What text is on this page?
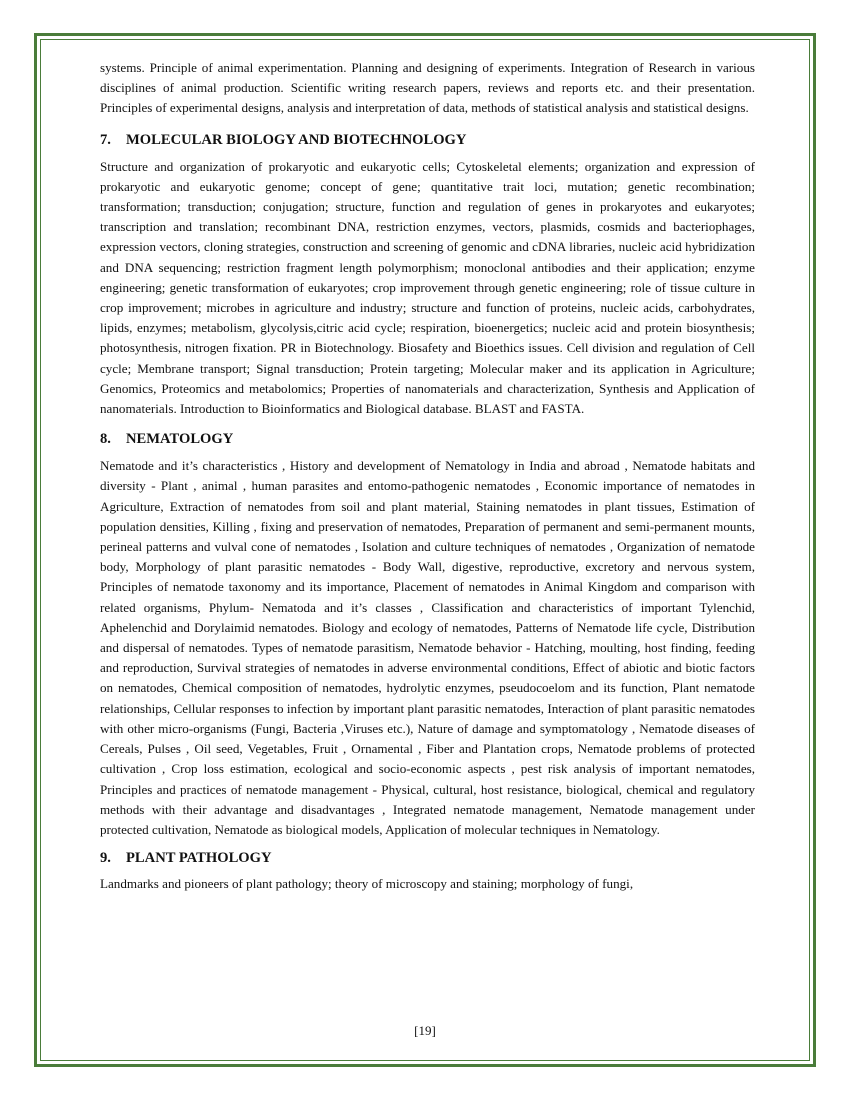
systems. Principle of animal experimentation. Planning and designing of experiments. Integration of Research in various disciplines of animal production. Scientific writing research papers, reviews and reports etc. and their presentation. Principles of experimental designs, analysis and interpretation of data, methods of statistical analysis and statistical designs.

7.	MOLECULAR BIOLOGY AND BIOTECHNOLOGY

Structure and organization of prokaryotic and eukaryotic cells; Cytoskeletal elements; organization and expression of prokaryotic and eukaryotic genome; concept of gene; quantitative trait loci, mutation; genetic recombination; transformation; transduction; conjugation; structure, function and regulation of genes in prokaryotes and eukaryotes; transcription and translation; recombinant DNA, restriction enzymes, vectors, plasmids, cosmids and bacteriophages, expression vectors, cloning strategies, construction and screening of genomic and cDNA libraries, nucleic acid hybridization and DNA sequencing; restriction fragment length polymorphism; monoclonal antibodies and their application; enzyme engineering; genetic transformation of eukaryotes; crop improvement through genetic engineering; role of tissue culture in crop improvement; microbes in agriculture and industry; structure and function of proteins, nucleic acids, carbohydrates, lipids, enzymes; metabolism, glycolysis,citric acid cycle; respiration, bioenergetics; nucleic acid and protein biosynthesis; photosynthesis, nitrogen fixation. PR in Biotechnology. Biosafety and Bioethics issues. Cell division and regulation of Cell cycle; Membrane transport; Signal transduction; Protein targeting; Molecular maker and its application in Agriculture; Genomics, Proteomics and metabolomics; Properties of nanomaterials and characterization, Synthesis and Application of nanomaterials. Introduction to Bioinformatics and Biological database. BLAST and FASTA.

8.	NEMATOLOGY

Nematode and it’s characteristics , History and development of Nematology in India and abroad , Nematode habitats and diversity - Plant , animal , human parasites and entomo-pathogenic nematodes , Economic importance of nematodes in Agriculture, Extraction of nematodes from soil and plant material, Staining nematodes in plant tissues, Estimation of population densities, Killing , fixing and preservation of nematodes, Preparation of permanent and semi-permanent mounts, perineal patterns and vulval cone of nematodes , Isolation and culture techniques of nematodes , Organization of nematode body, Morphology of plant parasitic nematodes - Body Wall, digestive, reproductive, excretory and nervous system, Principles of nematode taxonomy and its importance, Placement of nematodes in Animal Kingdom and comparison with related organisms, Phylum- Nematoda and it’s classes , Classification and characteristics of important Tylenchid, Aphelenchid and Dorylaimid nematodes. Biology and ecology of nematodes, Patterns of Nematode life cycle, Distribution and dispersal of nematodes. Types of nematode parasitism, Nematode behavior - Hatching, moulting, host finding, feeding and reproduction, Survival strategies of nematodes in adverse environmental conditions, Effect of abiotic and biotic factors on nematodes, Chemical composition of nematodes, hydrolytic enzymes, pseudocoelom and its function, Plant nematode relationships, Cellular responses to infection by important plant parasitic nematodes, Interaction of plant parasitic nematodes with other micro-organisms (Fungi, Bacteria ,Viruses etc.), Nature of damage and symptomatology , Nematode diseases of Cereals, Pulses , Oil seed, Vegetables, Fruit , Ornamental , Fiber and Plantation crops, Nematode problems of protected cultivation , Crop loss estimation, ecological and socio-economic aspects , pest risk analysis of important nematodes, Principles and practices of nematode management - Physical, cultural, host resistance, biological, chemical and regulatory methods with their advantage and disadvantages , Integrated nematode management, Nematode management under protected cultivation, Nematode as biological models, Application of molecular techniques in Nematology.

9.	PLANT PATHOLOGY

Landmarks and pioneers of plant pathology; theory of microscopy and staining; morphology of fungi,

[19]
